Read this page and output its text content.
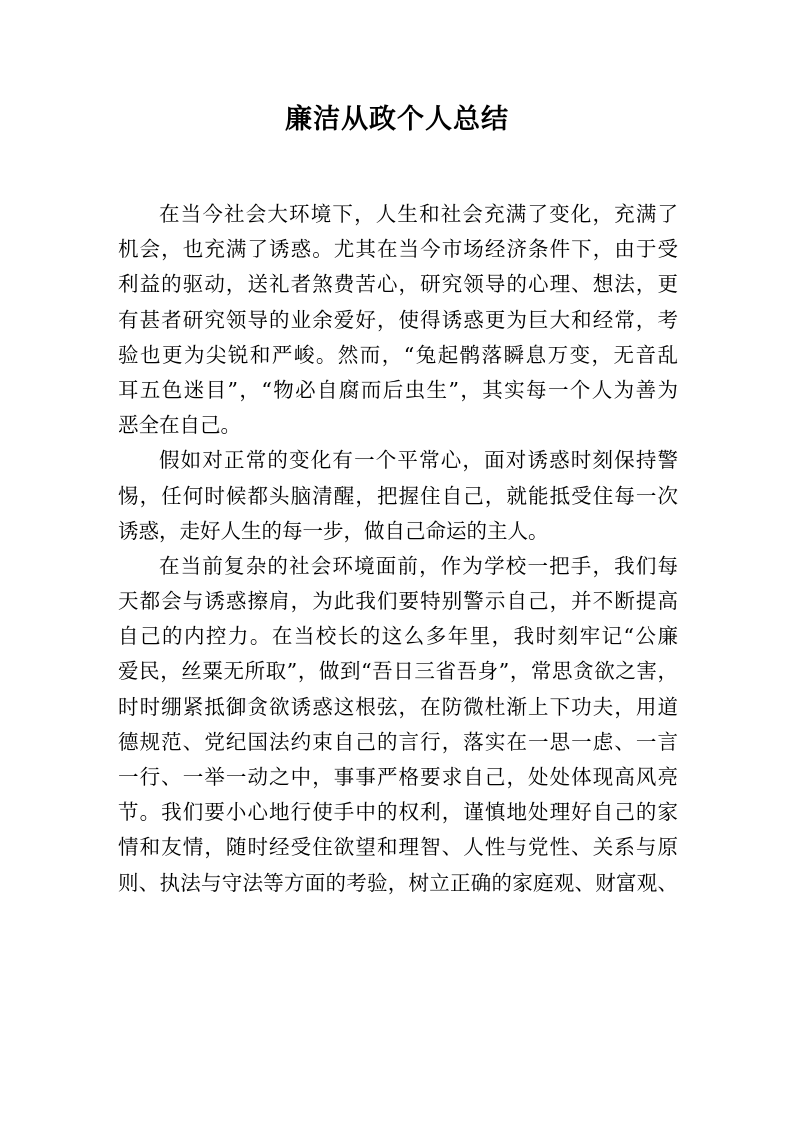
廉洁从政个人总结
在当今社会大环境下，人生和社会充满了变化，充满了
机会，也充满了诱惑。尤其在当今市场经济条件下，由于受
利益的驱动，送礼者煞费苦心，研究领导的心理、想法，更
有甚者研究领导的业余爱好，使得诱惑更为巨大和经常，考
验也更为尖锐和严峻。然而，“兔起鹘落瞬息万变，无音乱
耳五色迷目”，“物必自腐而后虫生”，其实每一个人为善为
恶全在自己。
假如对正常的变化有一个平常心，面对诱惑时刻保持警
惕，任何时候都头脑清醒，把握住自己，就能抵受住每一次
诱惑，走好人生的每一步，做自己命运的主人。
在当前复杂的社会环境面前，作为学校一把手，我们每
天都会与诱惑擦肩，为此我们要特别警示自己，并不断提高
自己的内控力。在当校长的这么多年里，我时刻牢记“公廉
爱民，丝粟无所取”，做到“吾日三省吾身”，常思贪欲之害，
时时绷紧抵御贪欲诱惑这根弦，在防微杜渐上下功夫，用道
德规范、党纪国法约束自己的言行，落实在一思一虑、一言
一行、一举一动之中，事事严格要求自己，处处体现高风亮
节。我们要小心地行使手中的权利，谨慎地处理好自己的家
情和友情，随时经受住欲望和理智、人性与党性、关系与原
则、执法与守法等方面的考验，树立正确的家庭观、财富观、
